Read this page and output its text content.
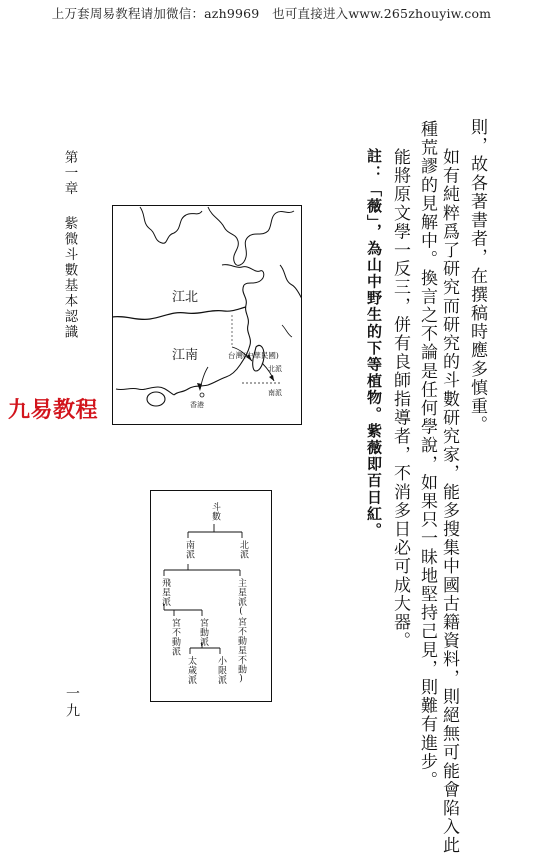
上万套周易教程请加微信：azh9969　也可直接进入www.265zhouyiw.com
則，故各著書者，在撰稿時應多慎重。
如有純粹爲了研究而研究的斗數研究家，能多搜集中國古籍資料，則絕無可能會陷入此
種荒謬的見解中。換言之不論是任何學說，如果只一昧地堅持己見，則難有進步。
能將原文學一反三，併有良師指導者，不消多日必可成大器。
註：「薇」，為山中野生的下等植物。紫薇即百日紅。
第一章
紫微斗數基本認識
一九
九易教程
江北
江南	台灣(中華民國)
北派
南派
香港
斗數
南派	北派
飛星派	主星派(宮不動星不動)
宮不動派 宮動派
太歲派 小限派
